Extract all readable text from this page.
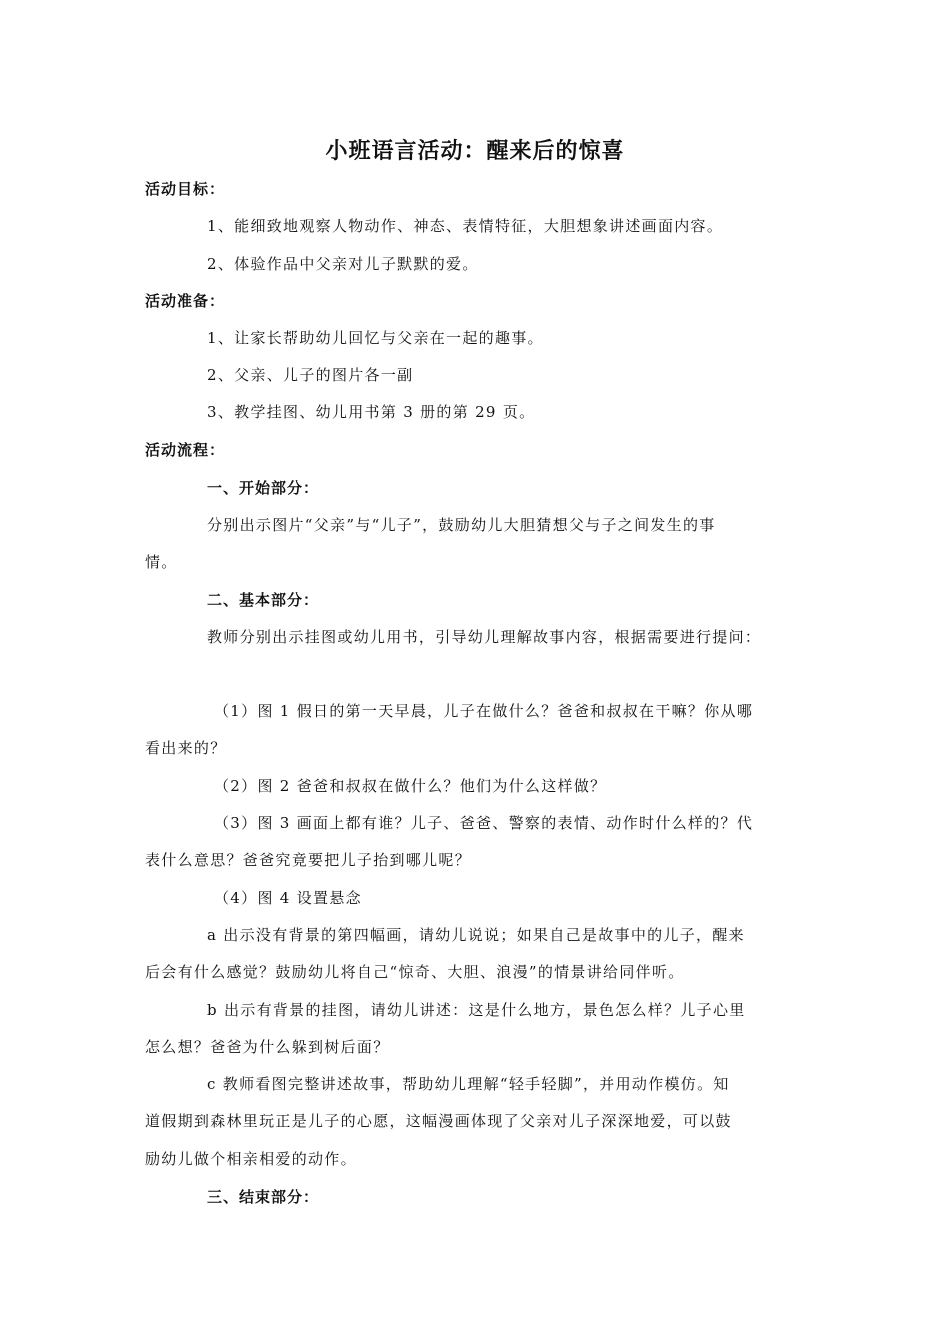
小班语言活动：醒来后的惊喜
活动目标：
1、能细致地观察人物动作、神态、表情特征，大胆想象讲述画面内容。
2、体验作品中父亲对儿子默默的爱。
活动准备：
1、让家长帮助幼儿回忆与父亲在一起的趣事。
2、父亲、儿子的图片各一副
3、教学挂图、幼儿用书第 3 册的第 29 页。
活动流程：
一、开始部分：
分别出示图片“父亲”与“儿子”，鼓励幼儿大胆猜想父与子之间发生的事
情。
二、基本部分：
教师分别出示挂图或幼儿用书，引导幼儿理解故事内容，根据需要进行提问：
（1）图 1 假日的第一天早晨，儿子在做什么？爸爸和叔叔在干嘛？你从哪
看出来的？
（2）图 2 爸爸和叔叔在做什么？他们为什么这样做？
（3）图 3 画面上都有谁？儿子、爸爸、警察的表情、动作时什么样的？代
表什么意思？爸爸究竟要把儿子抬到哪儿呢？
（4）图 4 设置悬念
a 出示没有背景的第四幅画，请幼儿说说；如果自己是故事中的儿子，醒来
后会有什么感觉？鼓励幼儿将自己“惊奇、大胆、浪漫”的情景讲给同伴听。
b 出示有背景的挂图，请幼儿讲述：这是什么地方，景色怎么样？儿子心里
怎么想？爸爸为什么躲到树后面？
c 教师看图完整讲述故事，帮助幼儿理解“轻手轻脚”，并用动作模仿。知
道假期到森林里玩正是儿子的心愿，这幅漫画体现了父亲对儿子深深地爱，可以鼓
励幼儿做个相亲相爱的动作。
三、结束部分：
